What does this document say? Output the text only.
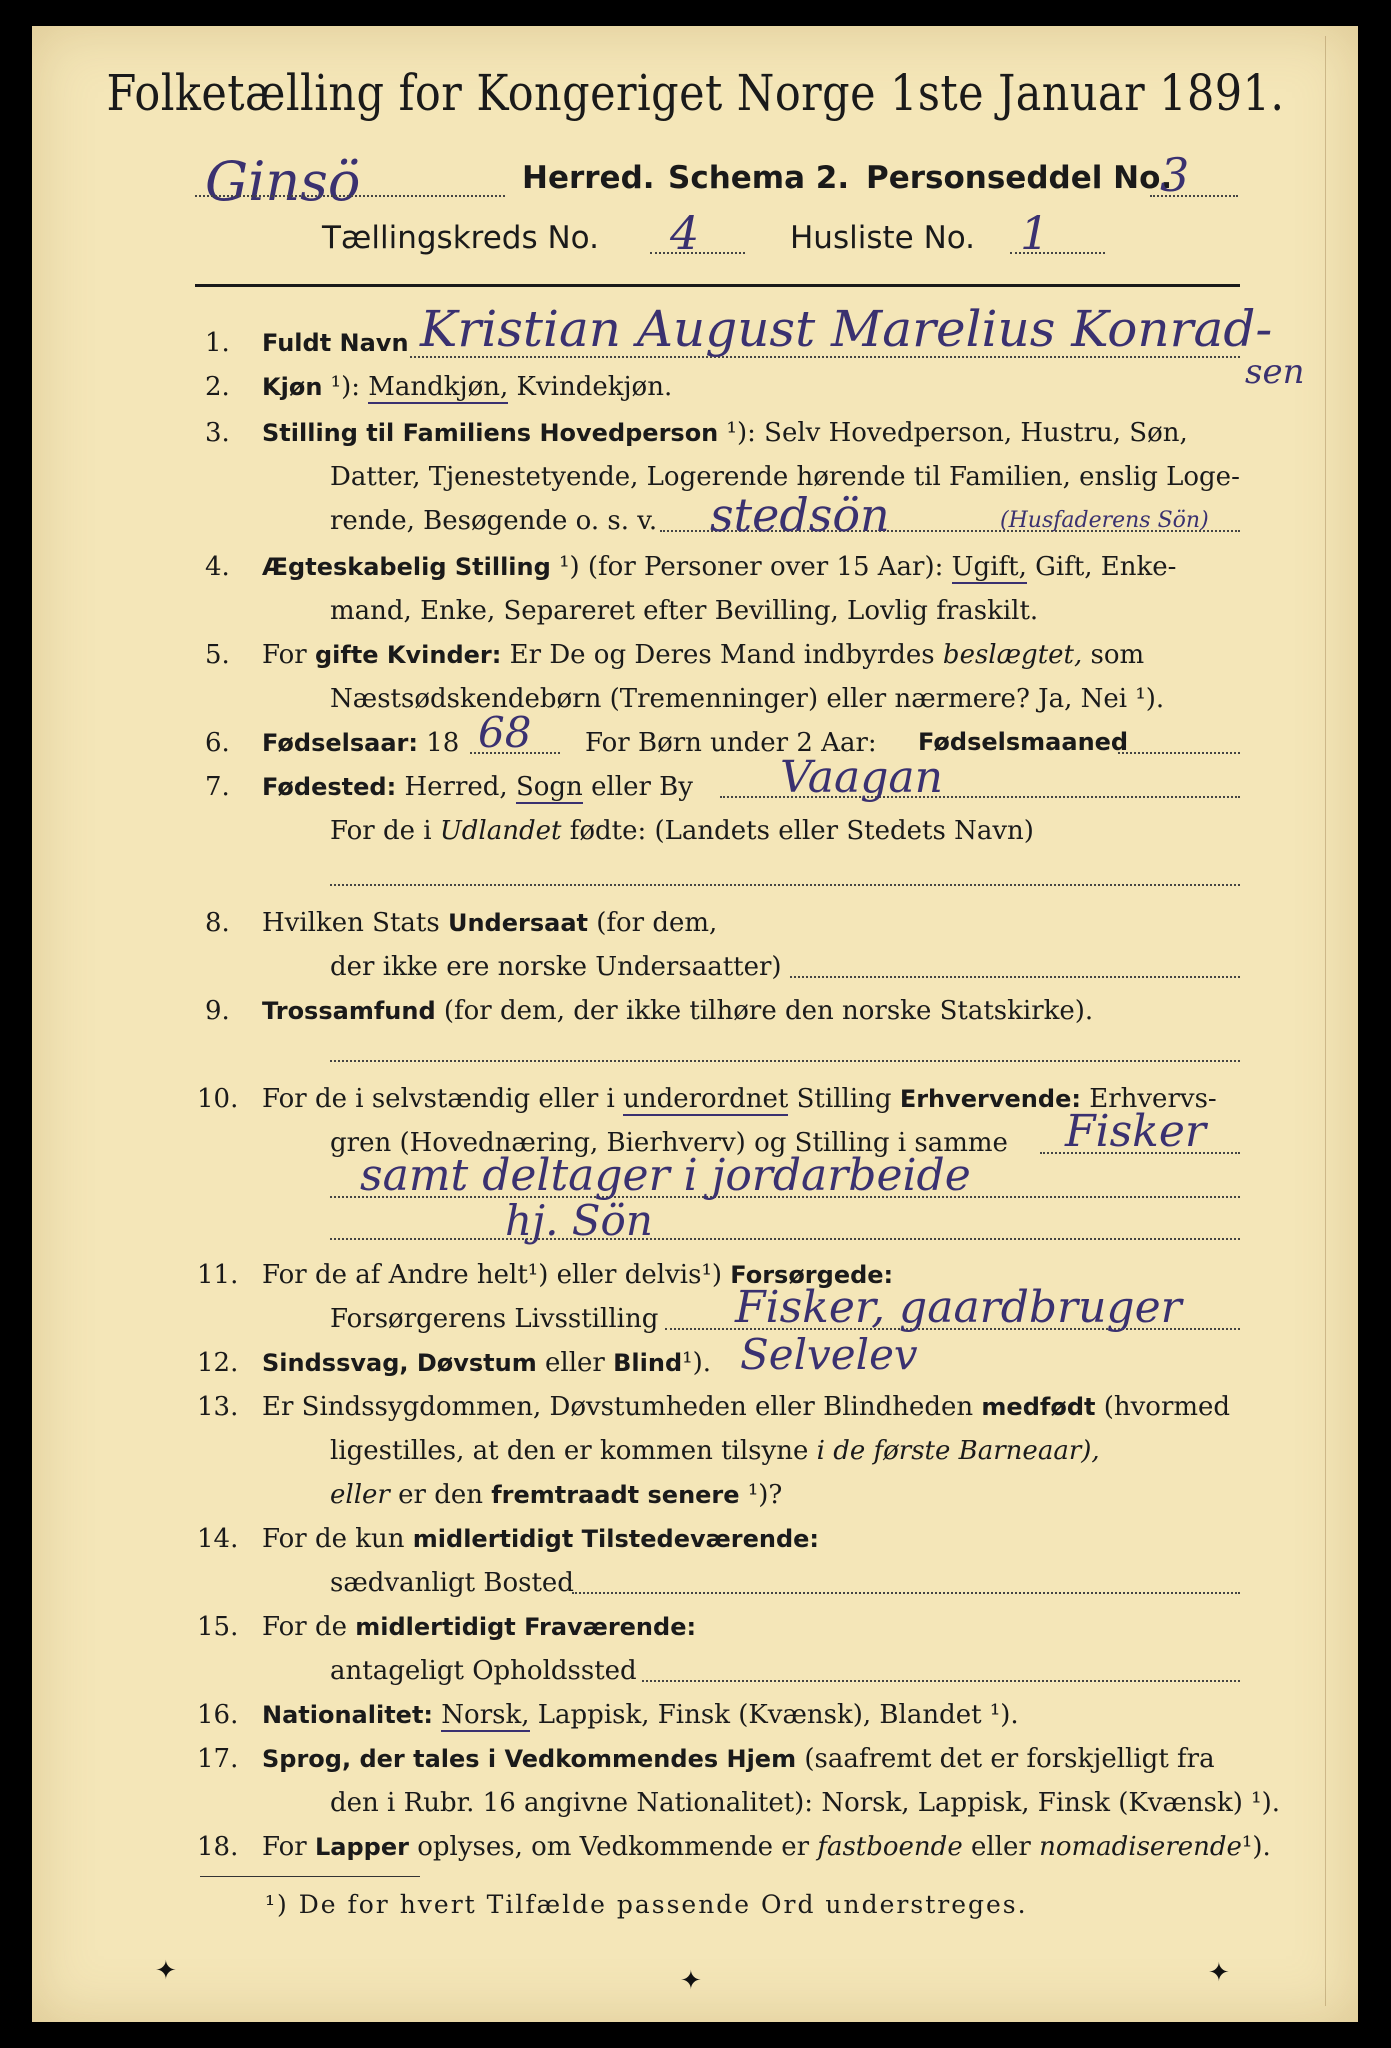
Folketælling for Kongeriget Norge 1ste Januar 1891.
Ginsö	Herred. Schema 2. Personseddel No.
3
Tællingskreds No. 4	Husliste No. 1
1. Fuldt Navn Kristian August Marelius Konrad-
sen
2. Kjøn ¹): Mandkjøn, Kvindekjøn.
3. Stilling til Familiens Hovedperson ¹): Selv Hovedperson, Hustru, Søn,
Datter, Tjenestetyende, Logerende hørende til Familien, enslig Loge-
rende, Besøgende o. s. v. stedsön	(Husfaderens Sön)
4. Ægteskabelig Stilling ¹) (for Personer over 15 Aar): Ugift, Gift, Enke-
mand, Enke, Separeret efter Bevilling, Lovlig fraskilt.
5. For gifte Kvinder: Er De og Deres Mand indbyrdes beslægtet, som
Næstsødskendebørn (Tremenninger) eller nærmere? Ja, Nei ¹).
6. Fødselsaar: 18	For Børn under 2 Aar: Fødselsmaaned
68
7. Fødested: Herred, Sogn eller By Vaagan
For de i Udlandet fødte: (Landets eller Stedets Navn)
8. Hvilken Stats Undersaat (for dem,
der ikke ere norske Undersaatter)
9. Trossamfund (for dem, der ikke tilhøre den norske Statskirke).
10. For de i selvstændig eller i underordnet Stilling Erhvervende: Erhvervs-
gren (Hovednæring, Bierhverv) og Stilling i samme Fisker
samt deltager i jordarbeide
hj. Sön
11. For de af Andre helt¹) eller delvis¹) Forsørgede:
Forsørgerens Livsstilling Fisker, gaardbruger
12. Sindssvag, Døvstum eller Blind¹). Selvelev
13. Er Sindssygdommen, Døvstumheden eller Blindheden medfødt (hvormed
ligestilles, at den er kommen tilsyne i de første Barneaar),
eller er den fremtraadt senere ¹)?
14. For de kun midlertidigt Tilstedeværende:
sædvanligt Bosted
15. For de midlertidigt Fraværende:
antageligt Opholdssted
16. Nationalitet: Norsk, Lappisk, Finsk (Kvænsk), Blandet ¹).
17. Sprog, der tales i Vedkommendes Hjem (saafremt det er forskjelligt fra
den i Rubr. 16 angivne Nationalitet): Norsk, Lappisk, Finsk (Kvænsk) ¹).
18. For Lapper oplyses, om Vedkommende er fastboende eller nomadiserende¹).
¹) De for hvert Tilfælde passende Ord understreges.
✦	✦	✦
